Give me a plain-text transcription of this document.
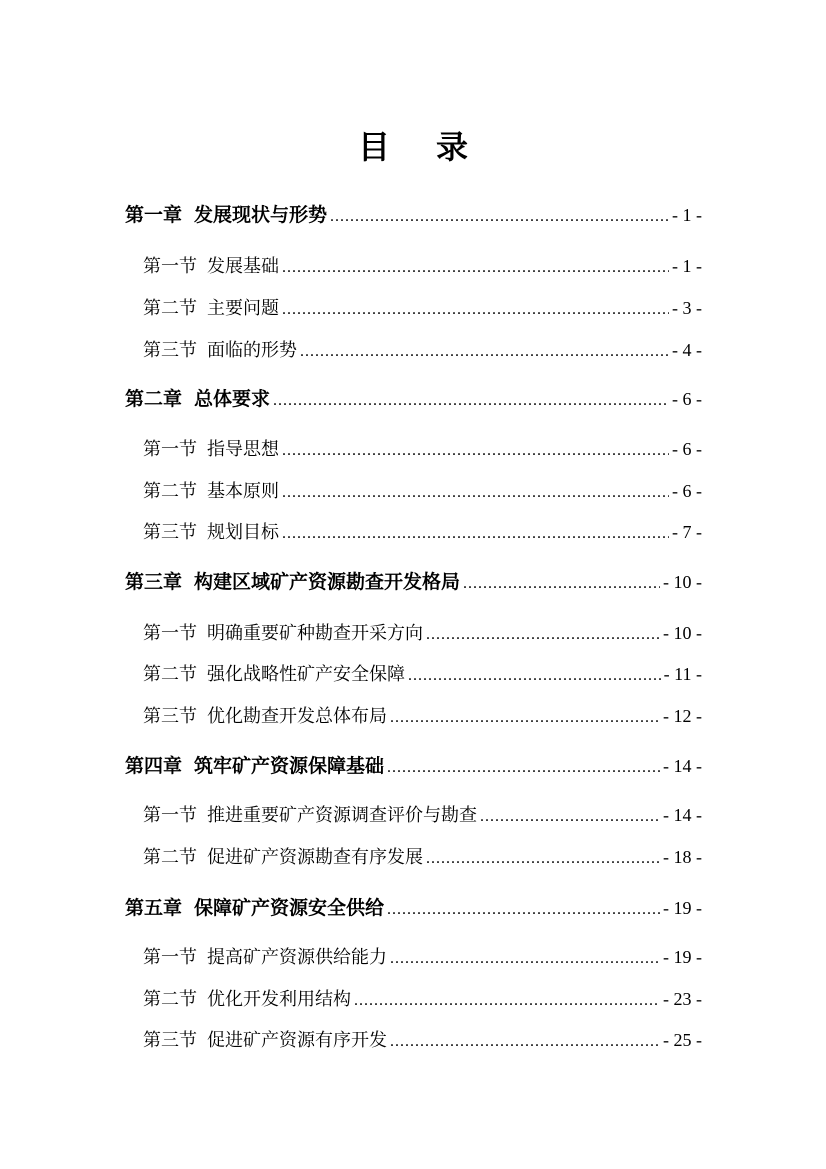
目 录
第一章 发展现状与形势 .....	- 1 -
第一节 发展基础 .....	- 1 -
第二节 主要问题 .....	- 3 -
第三节 面临的形势 .....	- 4 -
第二章 总体要求 .....	- 6 -
第一节 指导思想 .....	- 6 -
第二节 基本原则 .....	- 6 -
第三节 规划目标 .....	- 7 -
第三章 构建区域矿产资源勘查开发格局 .....	- 10 -
第一节 明确重要矿种勘查开采方向 .....	- 10 -
第二节 强化战略性矿产安全保障 .....	- 11 -
第三节 优化勘查开发总体布局 .....	- 12 -
第四章 筑牢矿产资源保障基础 .....	- 14 -
第一节 推进重要矿产资源调查评价与勘查 .....	- 14 -
第二节 促进矿产资源勘查有序发展 .....	- 18 -
第五章 保障矿产资源安全供给 .....	- 19 -
第一节 提高矿产资源供给能力 .....	- 19 -
第二节 优化开发利用结构 .....	- 23 -
第三节 促进矿产资源有序开发 .....	- 25 -
